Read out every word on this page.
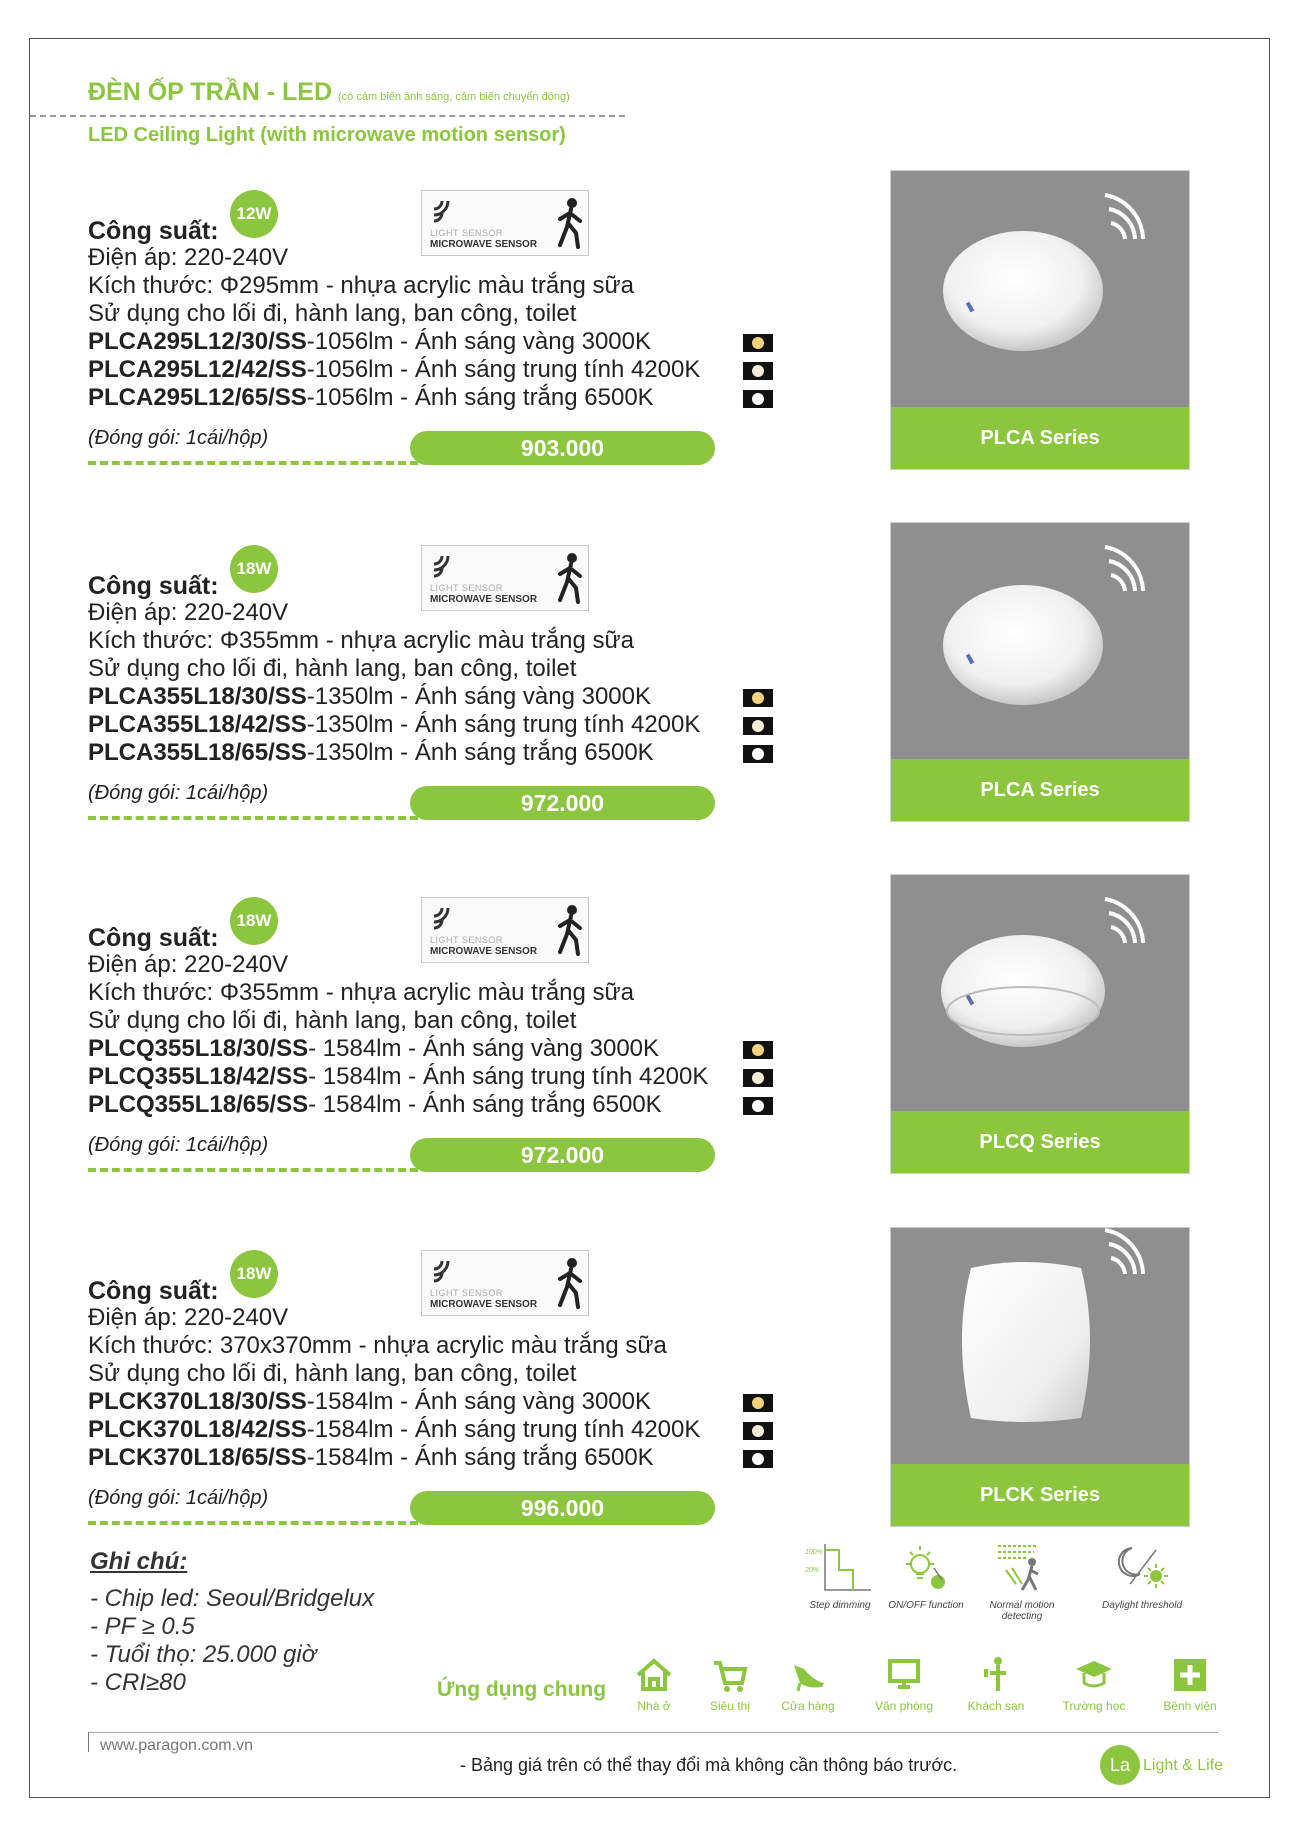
ĐÈN ỐP TRẦN - LED (có cảm biến ánh sáng, cảm biến chuyển động)
LED Ceiling Light (with microwave motion sensor)
LIGHT SENSOR
MICROWAVE SENSOR
12W
Công suất:
Điện áp: 220-240V
Kích thước: Φ295mm - nhựa acrylic màu trắng sữa
Sử dụng cho lối đi, hành lang, ban công, toilet
PLCA295L12/30/SS-1056lm - Ánh sáng vàng 3000K
PLCA295L12/42/SS-1056lm - Ánh sáng trung tính 4200K
PLCA295L12/65/SS-1056lm - Ánh sáng trắng 6500K
(Đóng gói: 1cái/hộp)	903.000	PLCA Series
LIGHT SENSOR
MICROWAVE SENSOR
18W
Công suất:
Điện áp: 220-240V
Kích thước: Φ355mm - nhựa acrylic màu trắng sữa
Sử dụng cho lối đi, hành lang, ban công, toilet
PLCA355L18/30/SS-1350lm - Ánh sáng vàng 3000K
PLCA355L18/42/SS-1350lm - Ánh sáng trung tính 4200K
PLCA355L18/65/SS-1350lm - Ánh sáng trắng 6500K
(Đóng gói: 1cái/hộp)	972.000	PLCA Series
LIGHT SENSOR
MICROWAVE SENSOR
18W
Công suất:
Điện áp: 220-240V
Kích thước: Φ355mm - nhựa acrylic màu trắng sữa
Sử dụng cho lối đi, hành lang, ban công, toilet
PLCQ355L18/30/SS- 1584lm - Ánh sáng vàng 3000K
PLCQ355L18/42/SS- 1584lm - Ánh sáng trung tính 4200K
PLCQ355L18/65/SS- 1584lm - Ánh sáng trắng 6500K
(Đóng gói: 1cái/hộp)	972.000	PLCQ Series
LIGHT SENSOR
MICROWAVE SENSOR
18W
Công suất:
Điện áp: 220-240V
Kích thước: 370x370mm - nhựa acrylic màu trắng sữa
Sử dụng cho lối đi, hành lang, ban công, toilet
PLCK370L18/30/SS-1584lm - Ánh sáng vàng 3000K
PLCK370L18/42/SS-1584lm - Ánh sáng trung tính 4200K
PLCK370L18/65/SS-1584lm - Ánh sáng trắng 6500K
(Đóng gói: 1cái/hộp)	996.000	PLCK Series
Ghi chú:
- Chip led: Seoul/Bridgelux
- PF ≥ 0.5
- Tuổi thọ: 25.000 giờ
- CRI≥80
100%
20%
Step dimming	ON/OFF function	Normal motion detecting
Daylight threshold
Ứng dụng chung
Nhà ở	Siêu thị	Cửa hàng	Văn phòng	Khách sạn	Trường học	Bệnh viện
www.paragon.com.vn
- Bảng giá trên có thể thay đổi mà không cần thông báo trước.	La Light & Life
